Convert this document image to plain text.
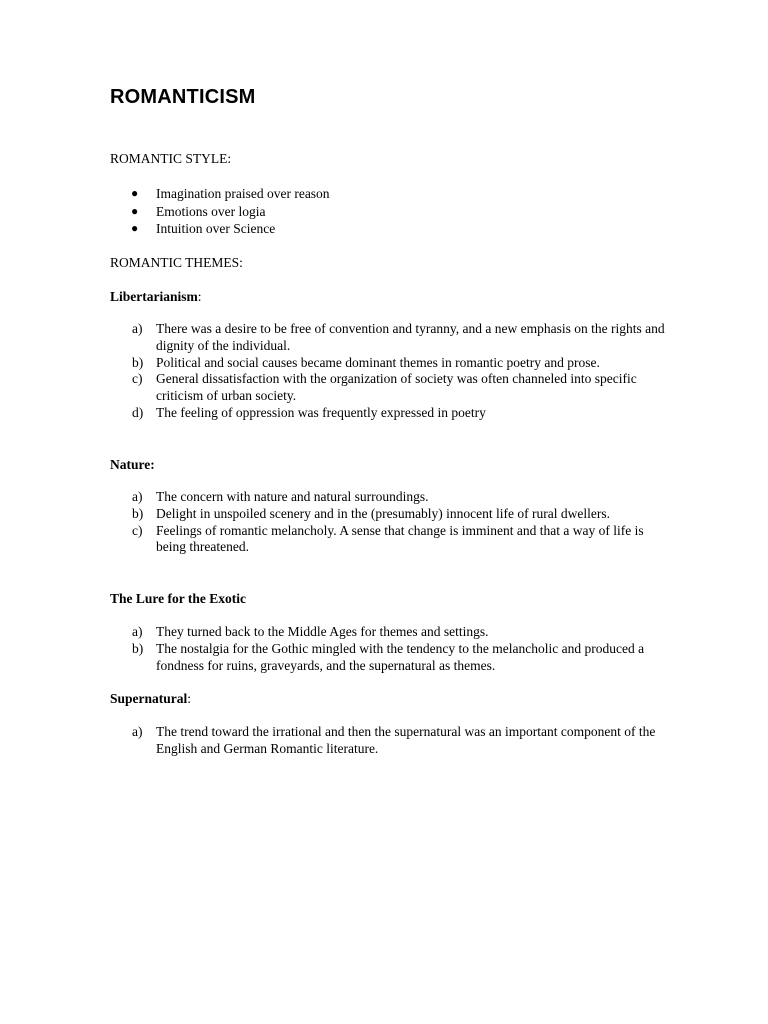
ROMANTICISM
ROMANTIC STYLE:
● Imagination praised over reason
● Emotions over logia
● Intuition over Science
ROMANTIC THEMES:
Libertarianism:
a) There was a desire to be free of convention and tyranny, and a new emphasis on the rights and dignity of the individual.
b) Political and social causes became dominant themes in romantic poetry and prose.
c) General dissatisfaction with the organization of society was often channeled into specific criticism of urban society.
d) The feeling of oppression was frequently expressed in poetry
Nature:
a) The concern with nature and natural surroundings.
b) Delight in unspoiled scenery and in the (presumably) innocent life of rural dwellers.
c) Feelings of romantic melancholy. A sense that change is imminent and that a way of life is being threatened.
The Lure for the Exotic
a) They turned back to the Middle Ages for themes and settings.
b) The nostalgia for the Gothic mingled with the tendency to the melancholic and produced a fondness for ruins, graveyards, and the supernatural as themes.
Supernatural:
a) The trend toward the irrational and then the supernatural was an important component of the English and German Romantic literature.
